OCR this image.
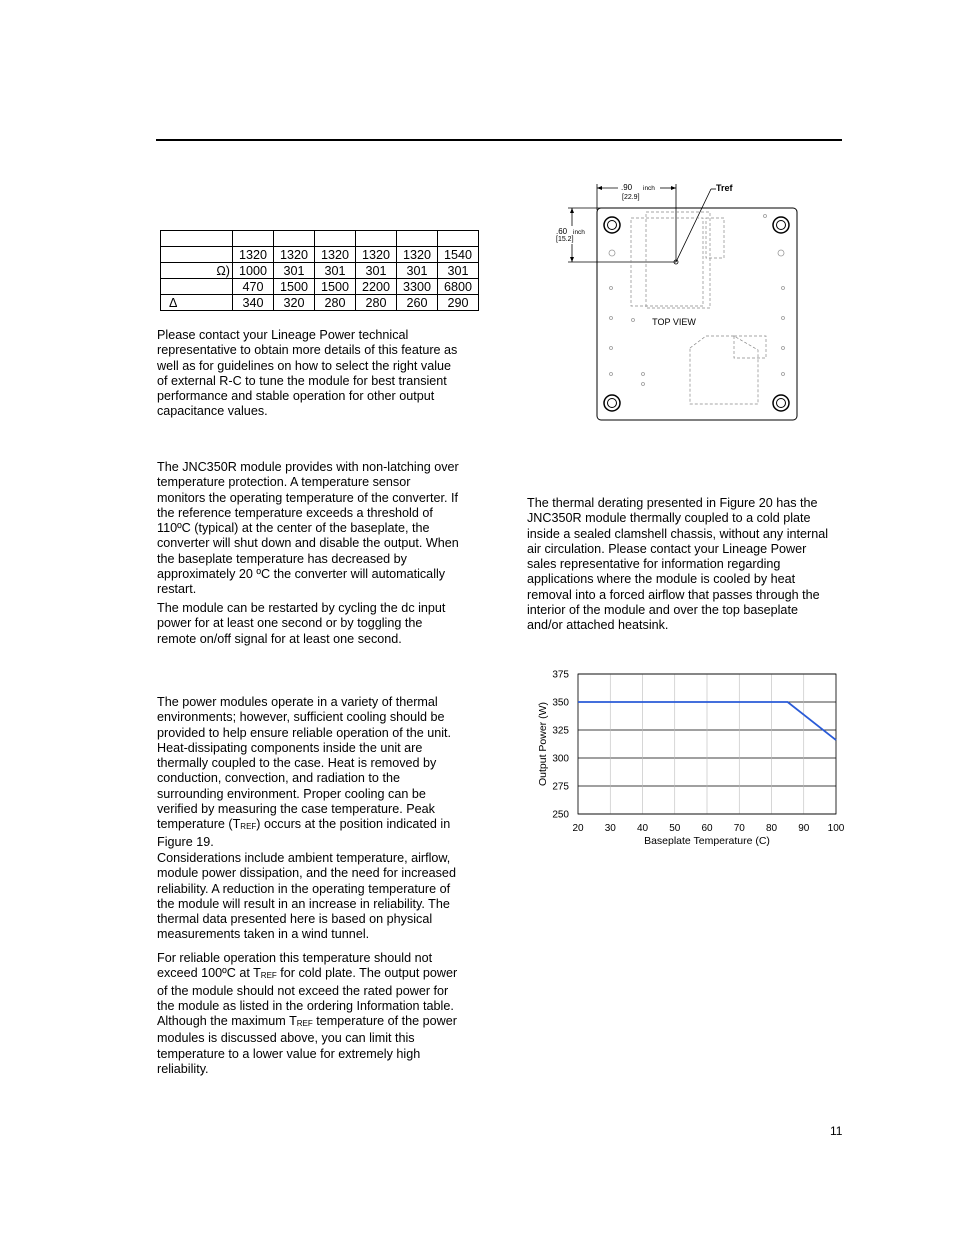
	1320	1320	1320	1320	1320	1540
Ω)	1000	301	301	301	301	301
	470	1500	1500	2200	3300	6800
Δ	340	320	280	280	260	290

Please contact your Lineage Power technical
representative to obtain more details of this feature as
well as for guidelines on how to select the right value
of external R-C to tune the module for best transient
performance and stable operation for other output
capacitance values.

The JNC350R module provides with non-latching over
temperature protection. A temperature sensor
monitors the operating temperature of the converter. If
the reference temperature exceeds a threshold of
110ºC (typical) at the center of the baseplate, the
converter will shut down and disable the output. When
the baseplate temperature has decreased by
approximately 20 ºC the converter will automatically
restart.

The module can be restarted by cycling the dc input
power for at least one second or by toggling the
remote on/off signal for at least one second.

The power modules operate in a variety of thermal
environments; however, sufficient cooling should be
provided to help ensure reliable operation of the unit.
Heat-dissipating components inside the unit are
thermally coupled to the case. Heat is removed by
conduction, convection, and radiation to the
surrounding environment. Proper cooling can be
verified by measuring the case temperature. Peak
temperature $(T_{REF})$ occurs at the position indicated in
Figure 19.

Considerations include ambient temperature, airflow,
module power dissipation, and the need for increased
reliability. A reduction in the operating temperature of
the module will result in an increase in reliability. The
thermal data presented here is based on physical
measurements taken in a wind tunnel.

For reliable operation this temperature should not
exceed 100ºC at $T_{REF}$ for cold plate. The output power
of the module should not exceed the rated power for
the module as listed in the ordering Information table.
Although the maximum $T_{REF}$ temperature of the power
modules is discussed above, you can limit this
temperature to a lower value for extremely high
reliability.

The thermal derating presented in Figure 20 has the
JNC350R module thermally coupled to a cold plate
inside a sealed clamshell chassis, without any internal
air circulation. Please contact your Lineage Power
sales representative for information regarding
applications where the module is cooled by heat
removal into a forced airflow that passes through the
interior of the module and over the top baseplate
and/or attached heatsink.

.90 inch
[22.9]
.60 inch
[15.2]
Tref
TOP VIEW
375
350
325
300
275
250
20 30 40 50 60 70 80 90 100
Baseplate Temperature (C)
Output Power (W)
11
